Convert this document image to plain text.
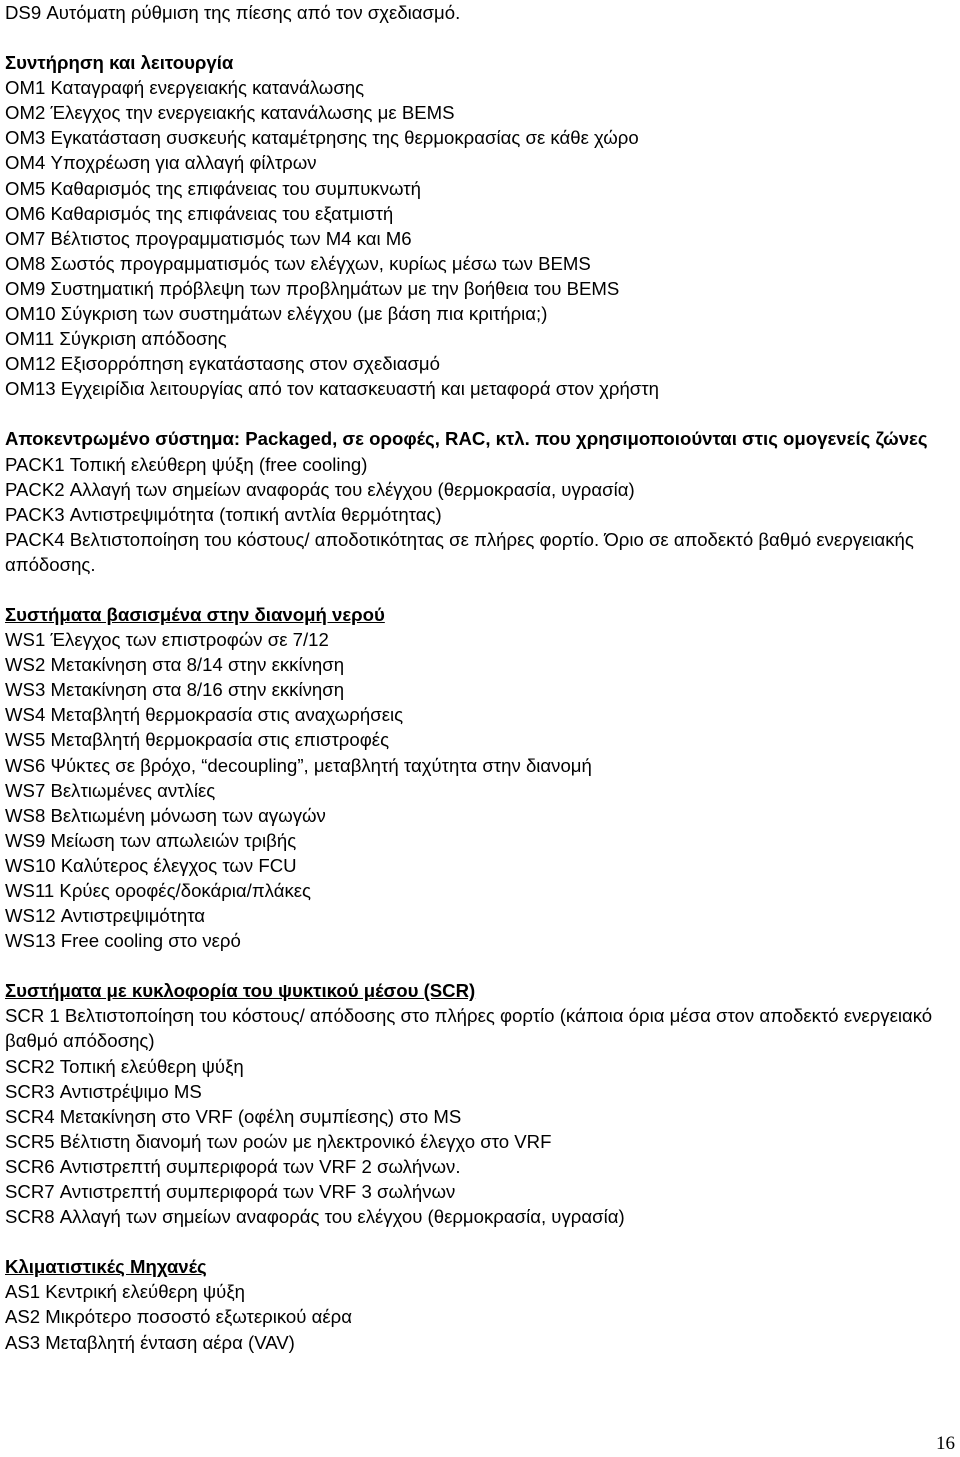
DS9 Αυτόματη ρύθμιση της πίεσης από τον σχεδιασμό.
Συντήρηση και λειτουργία
OM1 Καταγραφή ενεργειακής κατανάλωσης
OM2 Έλεγχος την ενεργειακής κατανάλωσης με BEMS
OM3 Εγκατάσταση συσκευής καταμέτρησης της θερμοκρασίας σε κάθε χώρο
OM4 Υποχρέωση για αλλαγή φίλτρων
OM5 Καθαρισμός της επιφάνειας του συμπυκνωτή
OM6 Καθαρισμός της επιφάνειας του εξατμιστή
OM7 Βέλτιστος προγραμματισμός των M4 και M6
OM8 Σωστός προγραμματισμός των ελέγχων, κυρίως μέσω των BEMS
OM9 Συστηματική πρόβλεψη των προβλημάτων με την βοήθεια του BEMS
OM10 Σύγκριση των συστημάτων ελέγχου (με βάση πια κριτήρια;)
OM11 Σύγκριση απόδοσης
OM12 Εξισορρόπηση εγκατάστασης στον σχεδιασμό
OM13 Εγχειρίδια λειτουργίας από τον κατασκευαστή και μεταφορά στον χρήστη
Αποκεντρωμένο σύστημα: Packaged, σε οροφές, RAC, κτλ. που χρησιμοποιούνται στις ομογενείς ζώνες
PACK1 Τοπική ελεύθερη ψύξη (free cooling)
PACK2 Αλλαγή των σημείων αναφοράς του ελέγχου (θερμοκρασία, υγρασία)
PACK3 Αντιστρεψιμότητα (τοπική αντλία θερμότητας)
PACK4 Βελτιστοποίηση του κόστους/ αποδοτικότητας σε πλήρες φορτίο. Όριο σε αποδεκτό βαθμό ενεργειακής απόδοσης.
Συστήματα βασισμένα στην διανομή νερού
WS1 Έλεγχος των επιστροφών σε 7/12
WS2 Μετακίνηση στα 8/14 στην εκκίνηση
WS3 Μετακίνηση στα 8/16 στην εκκίνηση
WS4 Μεταβλητή θερμοκρασία στις αναχωρήσεις
WS5 Μεταβλητή θερμοκρασία στις επιστροφές
WS6 Ψύκτες σε βρόχο, “decoupling”, μεταβλητή ταχύτητα στην διανομή
WS7 Βελτιωμένες αντλίες
WS8 Βελτιωμένη μόνωση των αγωγών
WS9 Μείωση των απωλειών τριβής
WS10 Καλύτερος έλεγχος των FCU
WS11 Κρύες οροφές/δοκάρια/πλάκες
WS12 Αντιστρεψιμότητα
WS13 Free cooling στο νερό
Συστήματα με κυκλοφορία του ψυκτικού μέσου (SCR)
SCR 1 Βελτιστοποίηση του κόστους/ απόδοσης στο πλήρες φορτίο (κάποια όρια μέσα στον αποδεκτό ενεργειακό βαθμό απόδοσης)
SCR2 Τοπική ελεύθερη ψύξη
SCR3 Αντιστρέψιμο MS
SCR4 Μετακίνηση στο VRF (οφέλη συμπίεσης) στο MS
SCR5 Βέλτιστη διανομή των ροών με ηλεκτρονικό έλεγχο στο VRF
SCR6 Αντιστρεπτή συμπεριφορά των VRF 2 σωλήνων.
SCR7 Αντιστρεπτή συμπεριφορά των VRF 3 σωλήνων
SCR8 Αλλαγή των σημείων αναφοράς του ελέγχου (θερμοκρασία, υγρασία)
Κλιματιστικές Μηχανές
AS1 Κεντρική ελεύθερη ψύξη
AS2 Μικρότερο ποσοστό εξωτερικού αέρα
AS3 Μεταβλητή ένταση αέρα (VAV)
16
